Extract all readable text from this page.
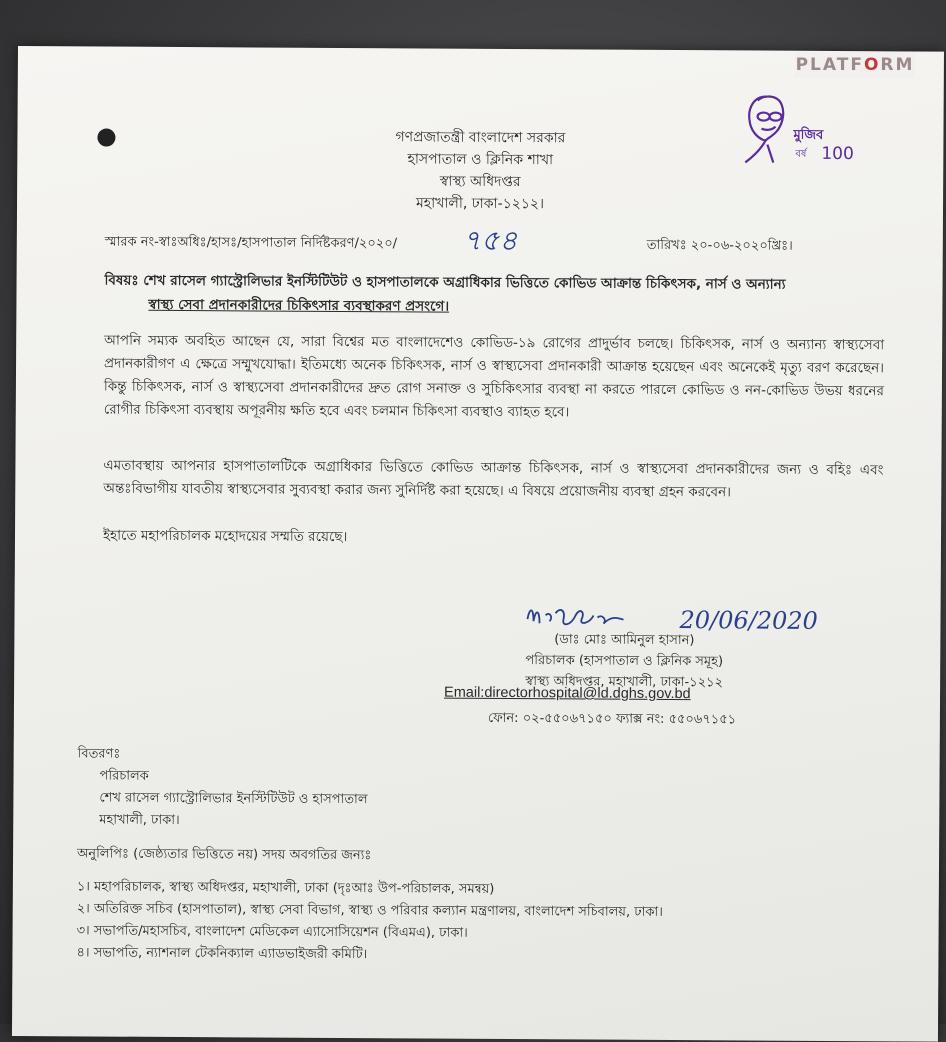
মুজিব
বর্ষ 100
গণপ্রজাতন্ত্রী বাংলাদেশ সরকার
হাসপাতাল ও ক্লিনিক শাখা
স্বাস্থ্য অধিদপ্তর
মহাখালী, ঢাকা-১২১২।
স্মারক নং-স্বাঃঅধিঃ/হাসঃ/হাসপাতাল নির্দিষ্টকরণ/২০২০/ ৭৫৪	তারিখঃ ২০-০৬-২০২০খ্রিঃ।
বিষয়ঃ শেখ রাসেল গ্যাস্ট্রোলিভার ইনস্টিটিউট ও হাসপাতালকে অগ্রাধিকার ভিত্তিতে কোভিড আক্রান্ত চিকিৎসক, নার্স ও অন্যান্য
স্বাস্থ্য সেবা প্রদানকারীদের চিকিৎসার ব্যবস্থাকরণ প্রসংগে।
আপনি সম্যক অবহিত আছেন যে, সারা বিশ্বের মত বাংলাদেশেও কোভিড-১৯ রোগের প্রাদুর্ভাব চলছে। চিকিৎসক, নার্স ও অন্যান্য স্বাস্থ্যসেবা প্রদানকারীগণ এ ক্ষেত্রে সম্মুখযোদ্ধা। ইতিমধ্যে অনেক চিকিৎসক, নার্স ও স্বাস্থ্যসেবা প্রদানকারী আক্রান্ত হয়েছেন এবং অনেকেই মৃত্যু বরণ করেছেন। কিন্তু চিকিৎসক, নার্স ও স্বাস্থ্যসেবা প্রদানকারীদের দ্রুত রোগ সনাক্ত ও সুচিকিৎসার ব্যবস্থা না করতে পারলে কোভিড ও নন-কোভিড উভয় ধরনের রোগীর চিকিৎসা ব্যবস্থায় অপূরনীয় ক্ষতি হবে এবং চলমান চিকিৎসা ব্যবস্থাও ব্যাহত হবে।
এমতাবস্থায় আপনার হাসপাতালটিকে অগ্রাধিকার ভিত্তিতে কোভিড আক্রান্ত চিকিৎসক, নার্স ও স্বাস্থ্যসেবা প্রদানকারীদের জন্য ও বহিঃ এবং অন্তঃবিভাগীয় যাবতীয় স্বাস্থ্যসেবার সুব্যবস্থা করার জন্য সুনির্দিষ্ট করা হয়েছে। এ বিষয়ে প্রয়োজনীয় ব্যবস্থা গ্রহন করবেন।
ইহাতে মহাপরিচালক মহোদয়ের সম্মতি রয়েছে।
20/06/2020
(ডাঃ মোঃ আমিনুল হাসান)
পরিচালক (হাসপাতাল ও ক্লিনিক সমূহ)
স্বাস্থ্য অধিদপ্তর, মহাখালী, ঢাকা-১২১২
Email:directorhospital@ld.dghs.gov.bd
ফোন: ০২-৫৫০৬৭১৫০ ফ্যাক্স নং: ৫৫০৬৭১৫১
বিতরণঃ
পরিচালক
শেখ রাসেল গ্যাস্ট্রোলিভার ইনস্টিটিউট ও হাসপাতাল
মহাখালী, ঢাকা।
অনুলিপিঃ (জেষ্ঠ্যতার ভিত্তিতে নয়) সদয় অবগতির জন্যঃ
১। মহাপরিচালক, স্বাস্থ্য অধিদপ্তর, মহাখালী, ঢাকা (দৃঃআঃ উপ-পরিচালক, সমন্বয়)
২। অতিরিক্ত সচিব (হাসপাতাল), স্বাস্থ্য সেবা বিভাগ, স্বাস্থ্য ও পরিবার কল্যান মন্ত্রণালয়, বাংলাদেশ সচিবালয়, ঢাকা।
৩। সভাপতি/মহাসচিব, বাংলাদেশ মেডিকেল এ্যাসোসিয়েশন (বিএমএ), ঢাকা।
৪। সভাপতি, ন্যাশনাল টেকনিক্যাল এ্যাডভাইজরী কমিটি।
PLATF O RM
